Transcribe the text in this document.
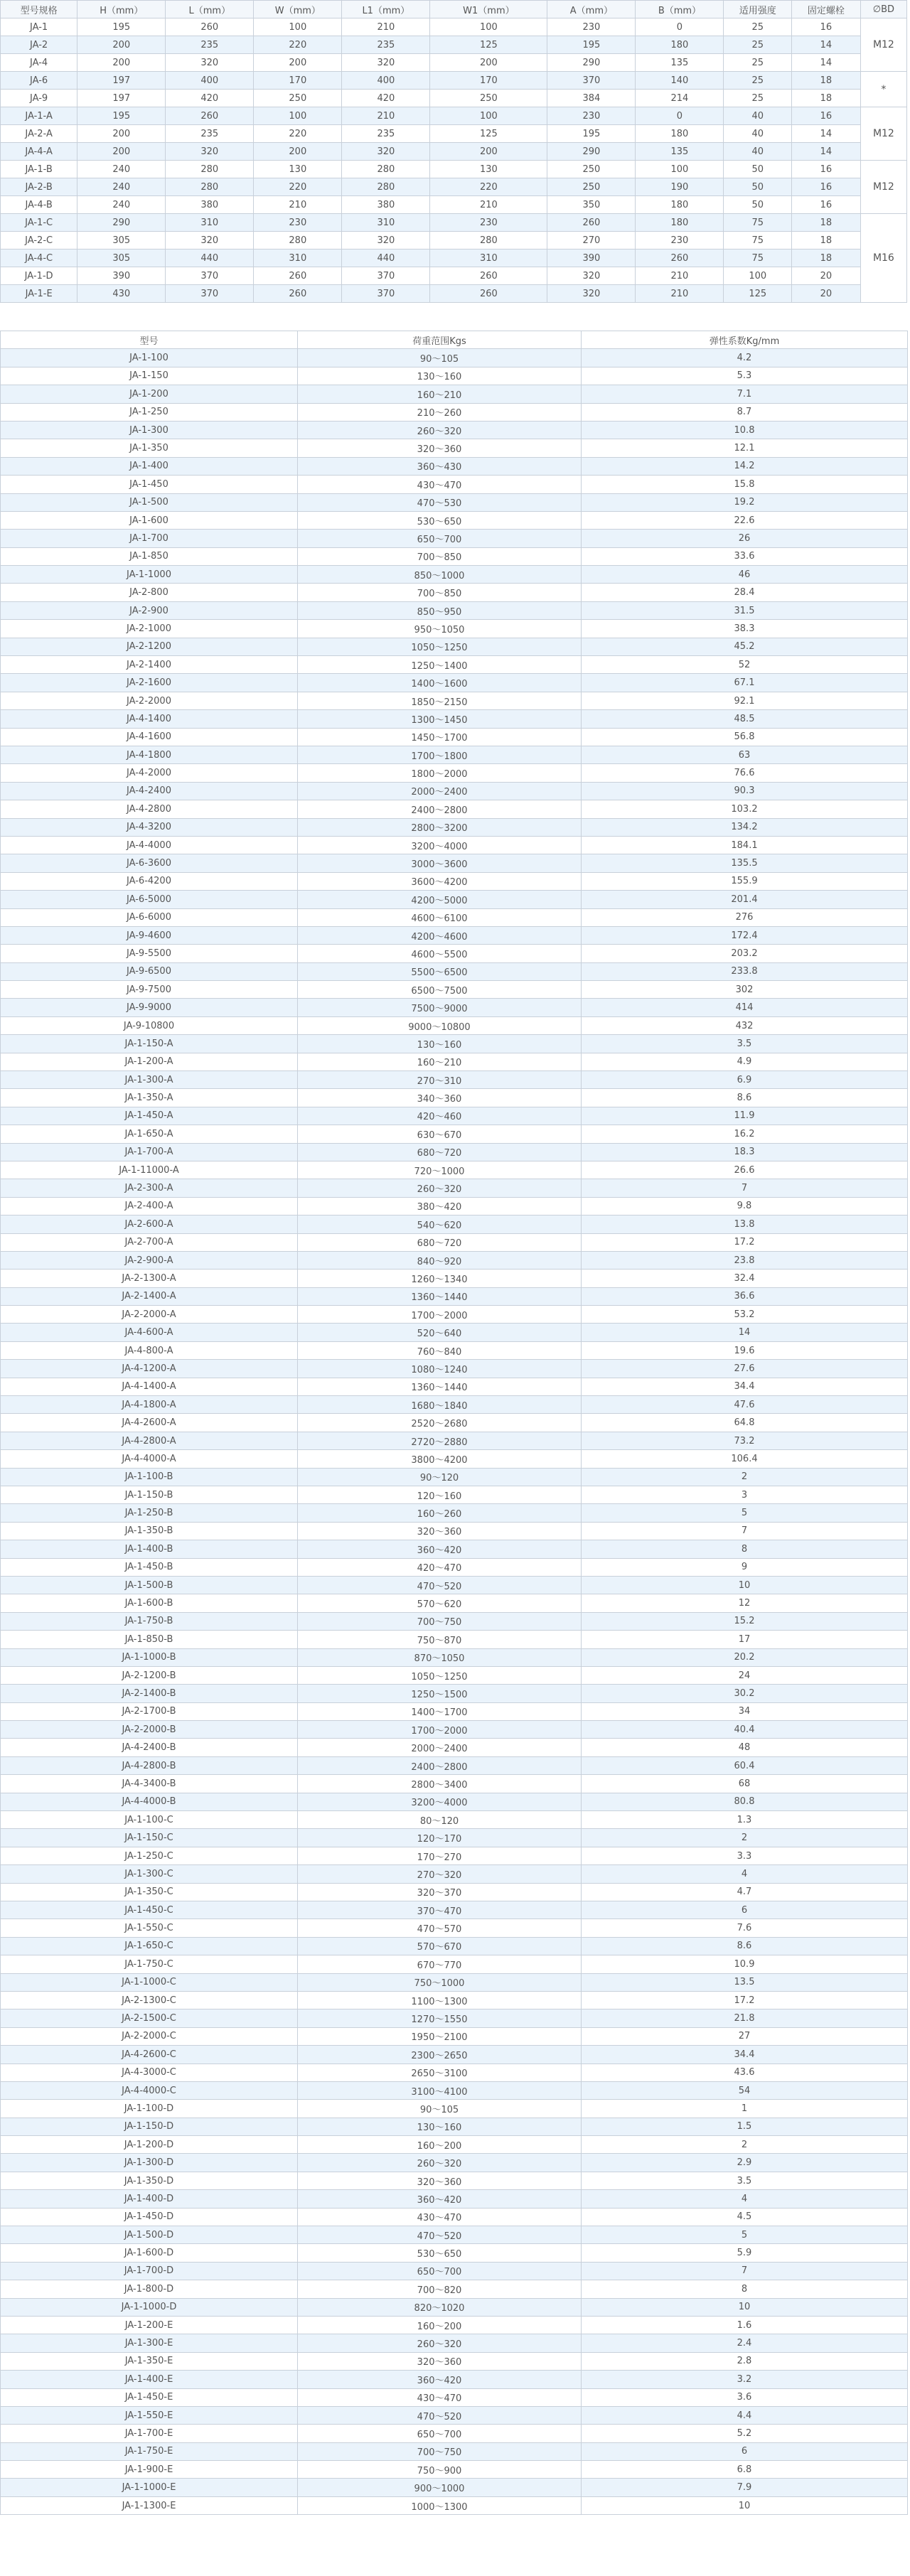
型号规格	H（mm）	L（mm）	W（mm）	L1（mm）	W1（mm）	A（mm）	B（mm）	适用强度	固定螺栓	∅BD
JA-1	195	260	100	210	100	230	0	25	16	M12
JA-2	200	235	220	235	125	195	180	25	14	
JA-4	200	320	200	320	200	290	135	25	14	
JA-6	197	400	170	400	170	370	140	25	18	*
JA-9	197	420	250	420	250	384	214	25	18	
JA-1-A	195	260	100	210	100	230	0	40	16	M12
JA-2-A	200	235	220	235	125	195	180	40	14	
JA-4-A	200	320	200	320	200	290	135	40	14	
JA-1-B	240	280	130	280	130	250	100	50	16	M12
JA-2-B	240	280	220	280	220	250	190	50	16	
JA-4-B	240	380	210	380	210	350	180	50	16	
JA-1-C	290	310	230	310	230	260	180	75	18	M16
JA-2-C	305	320	280	320	280	270	230	75	18	
JA-4-C	305	440	310	440	310	390	260	75	18	
JA-1-D	390	370	260	370	260	320	210	100	20	
JA-1-E	430	370	260	370	260	320	210	125	20	
型号	荷重范围Kgs	弹性系数Kg/mm
JA-1-100	90～105	4.2
JA-1-150	130～160	5.3
JA-1-200	160～210	7.1
JA-1-250	210～260	8.7
JA-1-300	260～320	10.8
JA-1-350	320～360	12.1
JA-1-400	360～430	14.2
JA-1-450	430～470	15.8
JA-1-500	470～530	19.2
JA-1-600	530～650	22.6
JA-1-700	650～700	26
JA-1-850	700～850	33.6
JA-1-1000	850～1000	46
JA-2-800	700～850	28.4
JA-2-900	850～950	31.5
JA-2-1000	950～1050	38.3
JA-2-1200	1050～1250	45.2
JA-2-1400	1250～1400	52
JA-2-1600	1400～1600	67.1
JA-2-2000	1850～2150	92.1
JA-4-1400	1300～1450	48.5
JA-4-1600	1450～1700	56.8
JA-4-1800	1700～1800	63
JA-4-2000	1800～2000	76.6
JA-4-2400	2000～2400	90.3
JA-4-2800	2400～2800	103.2
JA-4-3200	2800～3200	134.2
JA-4-4000	3200～4000	184.1
JA-6-3600	3000～3600	135.5
JA-6-4200	3600～4200	155.9
JA-6-5000	4200～5000	201.4
JA-6-6000	4600～6100	276
JA-9-4600	4200～4600	172.4
JA-9-5500	4600～5500	203.2
JA-9-6500	5500～6500	233.8
JA-9-7500	6500～7500	302
JA-9-9000	7500～9000	414
JA-9-10800	9000～10800	432
JA-1-150-A	130～160	3.5
JA-1-200-A	160～210	4.9
JA-1-300-A	270～310	6.9
JA-1-350-A	340～360	8.6
JA-1-450-A	420～460	11.9
JA-1-650-A	630～670	16.2
JA-1-700-A	680～720	18.3
JA-1-11000-A	720～1000	26.6
JA-2-300-A	260～320	7
JA-2-400-A	380～420	9.8
JA-2-600-A	540～620	13.8
JA-2-700-A	680～720	17.2
JA-2-900-A	840～920	23.8
JA-2-1300-A	1260～1340	32.4
JA-2-1400-A	1360～1440	36.6
JA-2-2000-A	1700～2000	53.2
JA-4-600-A	520～640	14
JA-4-800-A	760～840	19.6
JA-4-1200-A	1080～1240	27.6
JA-4-1400-A	1360～1440	34.4
JA-4-1800-A	1680～1840	47.6
JA-4-2600-A	2520～2680	64.8
JA-4-2800-A	2720～2880	73.2
JA-4-4000-A	3800～4200	106.4
JA-1-100-B	90～120	2
JA-1-150-B	120～160	3
JA-1-250-B	160～260	5
JA-1-350-B	320～360	7
JA-1-400-B	360～420	8
JA-1-450-B	420～470	9
JA-1-500-B	470～520	10
JA-1-600-B	570～620	12
JA-1-750-B	700～750	15.2
JA-1-850-B	750～870	17
JA-1-1000-B	870～1050	20.2
JA-2-1200-B	1050～1250	24
JA-2-1400-B	1250～1500	30.2
JA-2-1700-B	1400～1700	34
JA-2-2000-B	1700～2000	40.4
JA-4-2400-B	2000～2400	48
JA-4-2800-B	2400～2800	60.4
JA-4-3400-B	2800～3400	68
JA-4-4000-B	3200～4000	80.8
JA-1-100-C	80～120	1.3
JA-1-150-C	120～170	2
JA-1-250-C	170～270	3.3
JA-1-300-C	270～320	4
JA-1-350-C	320～370	4.7
JA-1-450-C	370～470	6
JA-1-550-C	470～570	7.6
JA-1-650-C	570～670	8.6
JA-1-750-C	670～770	10.9
JA-1-1000-C	750～1000	13.5
JA-2-1300-C	1100～1300	17.2
JA-2-1500-C	1270～1550	21.8
JA-2-2000-C	1950～2100	27
JA-4-2600-C	2300～2650	34.4
JA-4-3000-C	2650～3100	43.6
JA-4-4000-C	3100～4100	54
JA-1-100-D	90～105	1
JA-1-150-D	130～160	1.5
JA-1-200-D	160～200	2
JA-1-300-D	260～320	2.9
JA-1-350-D	320～360	3.5
JA-1-400-D	360～420	4
JA-1-450-D	430～470	4.5
JA-1-500-D	470～520	5
JA-1-600-D	530～650	5.9
JA-1-700-D	650～700	7
JA-1-800-D	700～820	8
JA-1-1000-D	820～1020	10
JA-1-200-E	160～200	1.6
JA-1-300-E	260～320	2.4
JA-1-350-E	320～360	2.8
JA-1-400-E	360～420	3.2
JA-1-450-E	430～470	3.6
JA-1-550-E	470～520	4.4
JA-1-700-E	650～700	5.2
JA-1-750-E	700～750	6
JA-1-900-E	750～900	6.8
JA-1-1000-E	900～1000	7.9
JA-1-1300-E	1000～1300	10
